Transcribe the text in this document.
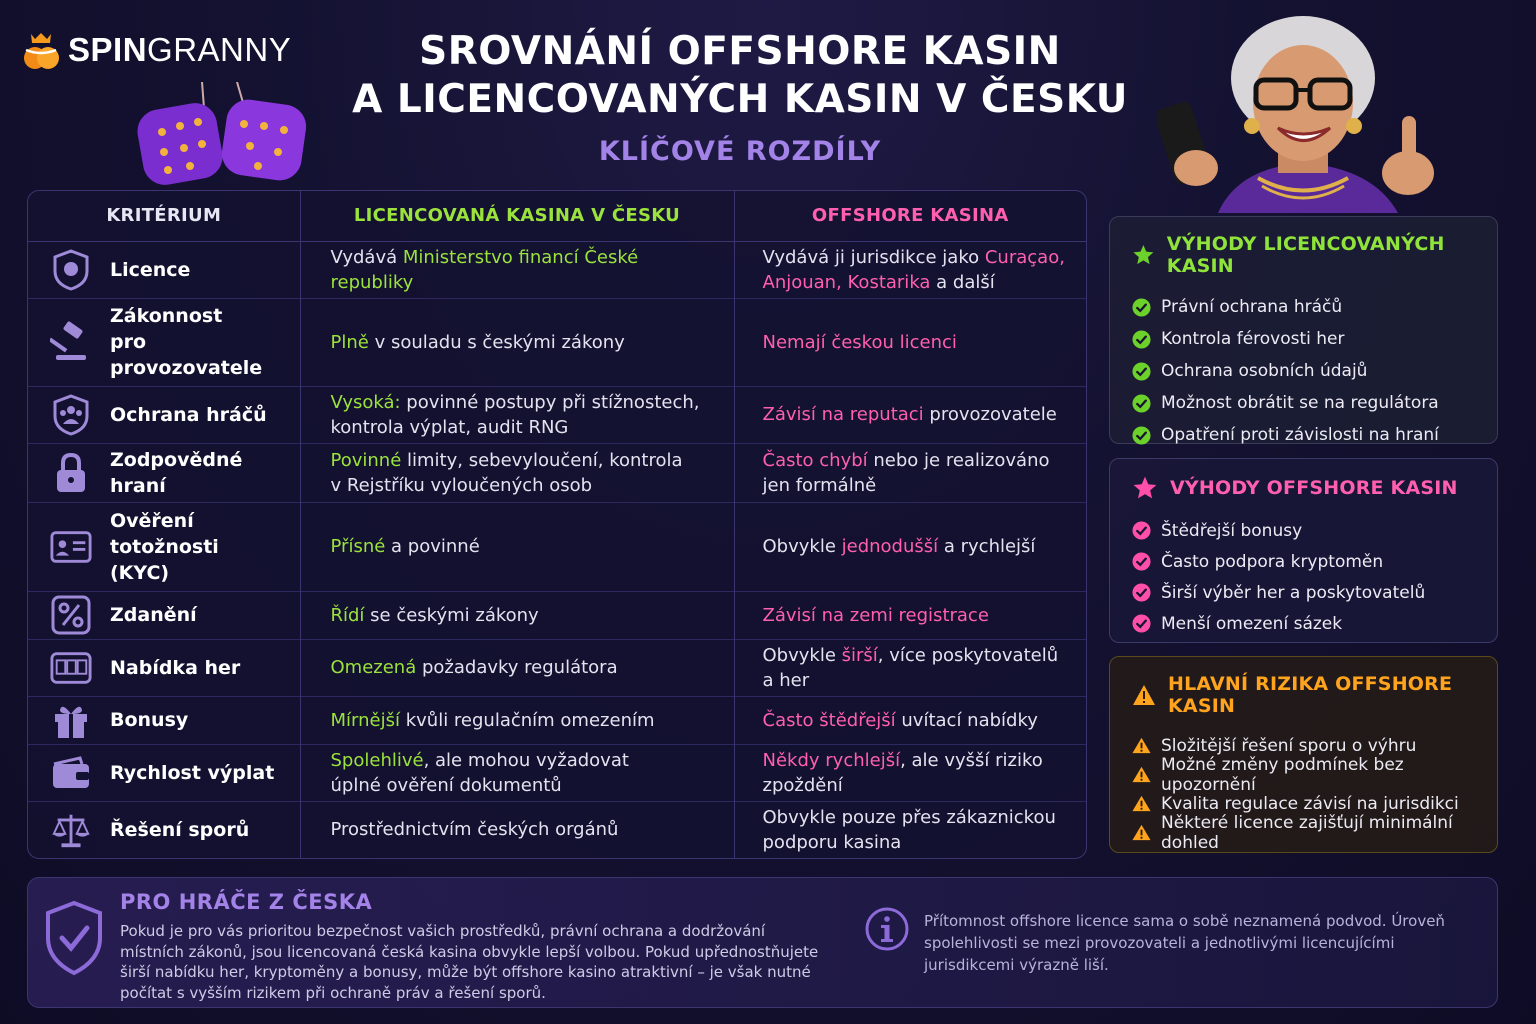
SPINGRANNY	SROVNÁNÍ OFFSHORE KASIN
A LICENCOVANÝCH KASIN V ČESKU
KLÍČOVÉ ROZDÍLY
KRITÉRIUM	LICENCOVANÁ KASINA V ČESKU	OFFSHORE KASINA

Licence	Vydává Ministerstvo financí České republiky	Vydává ji jurisdikce jako Curaçao,
Anjouan, Kostarika a další

Zákonnost
pro provozovatele	Plně v souladu s českými zákony	Nemají českou licenci

Ochrana hráčů	Vysoká: povinné postupy při stížnostech,
kontrola výplat, audit RNG	Závisí na reputaci provozovatele

Zodpovědné hraní	Povinné limity, sebevyloučení, kontrola
v Rejstříku vyloučených osob	Často chybí nebo je realizováno
jen formálně

Ověření totožnosti
(KYC)	Přísné a povinné	Obvykle jednodušší a rychlejší

Zdanění	Řídí se českými zákony	Závisí na zemi registrace

Nabídka her	Omezená požadavky regulátora	Obvykle širší, více poskytovatelů a her

Bonusy	Mírnější kvůli regulačním omezením	Často štědřejší uvítací nabídky

Rychlost výplat	Spolehlivé, ale mohou vyžadovat
úplné ověření dokumentů	Někdy rychlejší, ale vyšší riziko
zpoždění

Řešení sporů	Prostřednictvím českých orgánů	Obvykle pouze přes zákaznickou
podporu kasina
VÝHODY LICENCOVANÝCH KASIN
Právní ochrana hráčů
Kontrola férovosti her
Ochrana osobních údajů
Možnost obrátit se na regulátora
Opatření proti závislosti na hraní
VÝHODY OFFSHORE KASIN
Štědřejší bonusy
Často podpora kryptoměn
Širší výběr her a poskytovatelů
Menší omezení sázek
HLAVNÍ RIZIKA OFFSHORE KASIN
Složitější řešení sporu o výhru
Možné změny podmínek bez upozornění
Kvalita regulace závisí na jurisdikci
Některé licence zajišťují minimální dohled
PRO HRÁČE Z ČESKA
Pokud je pro vás prioritou bezpečnost vašich prostředků, právní ochrana a dodržování místních zákonů, jsou licencovaná česká kasina obvykle lepší volbou. Pokud upřednostňujete širší nabídku her, kryptoměny a bonusy, může být offshore kasino atraktivní – je však nutné počítat s vyšším rizikem při ochraně práv a řešení sporů.
Přítomnost offshore licence sama o sobě neznamená podvod. Úroveň spolehlivosti se mezi provozovateli a jednotlivými licencujícími jurisdikcemi výrazně liší.
